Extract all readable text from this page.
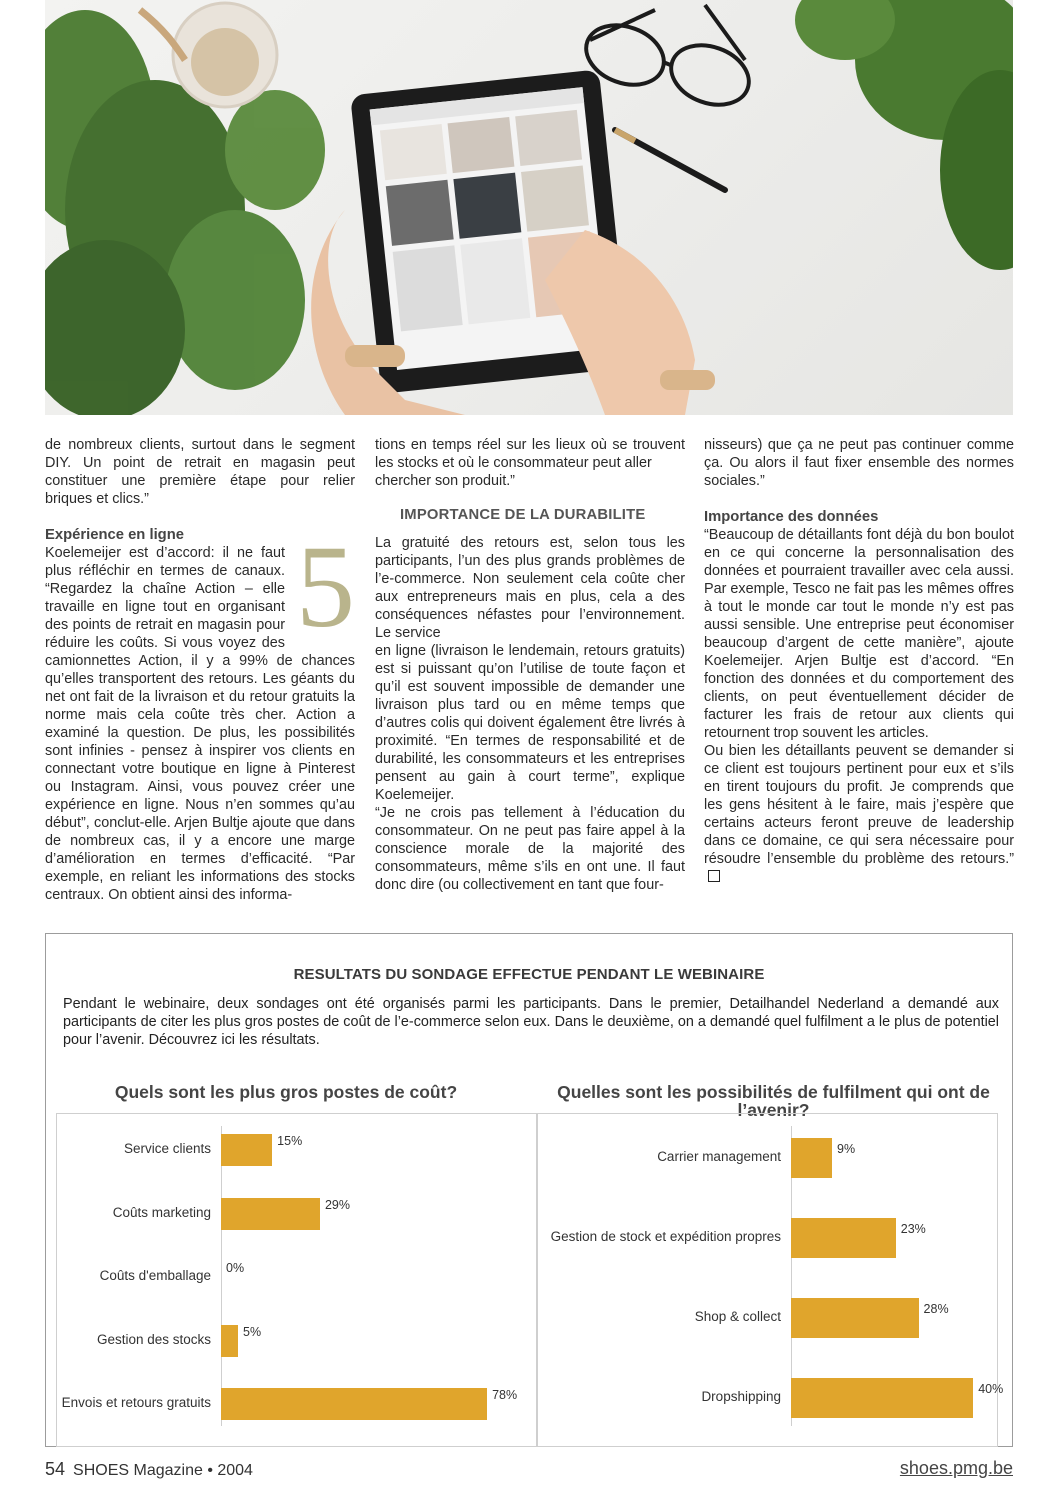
de nombreux clients, surtout dans le segment DIY. Un point de retrait en magasin peut constituer une première étape pour relier briques et clics.”

Expérience en ligne 5
Koelemeijer est d’accord: il ne faut plus réfléchir en termes de canaux. “Regardez la chaîne Action – elle travaille en ligne tout en organisant des points de retrait en magasin pour réduire les coûts. Si vous voyez des camionnettes Action, il y a 99% de chances qu’elles transportent des retours. Les géants du net ont fait de la livraison et du retour gratuits la norme mais cela coûte très cher. Action a examiné la question. De plus, les possibilités sont infinies - pensez à inspirer vos clients en connectant votre boutique en ligne à Pinterest ou Instagram. Ainsi, vous pouvez créer une expérience en ligne. Nous n’en sommes qu’au début”, conclut-elle. Arjen Bultje ajoute que dans de nombreux cas, il y a encore une marge d’amélioration en termes d’efficacité. “Par exemple, en reliant les informations des stocks centraux. On obtient ainsi des informa-

tions en temps réel sur les lieux où se trouvent les stocks et où le consommateur peut aller

chercher son produit.”

IMPORTANCE DE LA DURABILITE

La gratuité des retours est, selon tous les participants, l’un des plus grands problèmes de l’e-commerce. Non seulement cela coûte cher aux entrepreneurs mais en plus, cela a des conséquences néfastes pour l’environnement. Le service

en ligne (livraison le lendemain, retours gratuits) est si puissant qu’on l’utilise de toute façon et qu’il est souvent impossible de demander une livraison plus tard ou en même temps que d’autres colis qui doivent également être livrés à proximité. “En termes de responsabilité et de durabilité, les consommateurs et les entreprises pensent au gain à court terme”, explique Koelemeijer.

“Je ne crois pas tellement à l’éducation du consommateur. On ne peut pas faire appel à la conscience morale de la majorité des consommateurs, même s’ils en ont une. Il faut donc dire (ou collectivement en tant que four-

nisseurs) que ça ne peut pas continuer comme ça. Ou alors il faut fixer ensemble des normes sociales.”

Importance des données

“Beaucoup de détaillants font déjà du bon boulot en ce qui concerne la personnalisation des données et pourraient travailler avec cela aussi. Par exemple, Tesco ne fait pas les mêmes offres à tout le monde car tout le monde n’y est pas aussi sensible. Une entreprise peut économiser beaucoup d’argent de cette manière”, ajoute Koelemeijer. Arjen Bultje est d’accord. “En fonction des données et du comportement des clients, on peut éventuellement décider de facturer les frais de retour aux clients qui retournent trop souvent les articles.

Ou bien les détaillants peuvent se demander si ce client est toujours pertinent pour eux et s’ils en tirent toujours du profit. Je comprends que les gens hésitent à le faire, mais j’espère que certains acteurs feront preuve de leadership dans ce domaine, ce qui sera nécessaire pour résoudre l’ensemble du problème des retours.”

RESULTATS DU SONDAGE EFFECTUE PENDANT LE WEBINAIRE
Pendant le webinaire, deux sondages ont été organisés parmi les participants. Dans le premier, Detailhandel Nederland a demandé aux participants de citer les plus gros postes de coût de l’e-commerce selon eux. Dans le deuxième, on a demandé quel fulfilment a le plus de potentiel pour l’avenir. Découvrez ici les résultats.
Quels sont les plus gros postes de coût?	Quelles sont les possibilités de fulfilment qui ont de l’avenir?
Service clients	15%
Coûts marketing	29%
Coûts d'emballage 0%
Gestion des stocks	5%
Envois et retours gratuits	78%
Carrier management	9%
Gestion de stock et expédition propres	23%
Shop & collect	28%
Dropshipping	40%
54 SHOES Magazine • 2004	shoes.pmg.be
